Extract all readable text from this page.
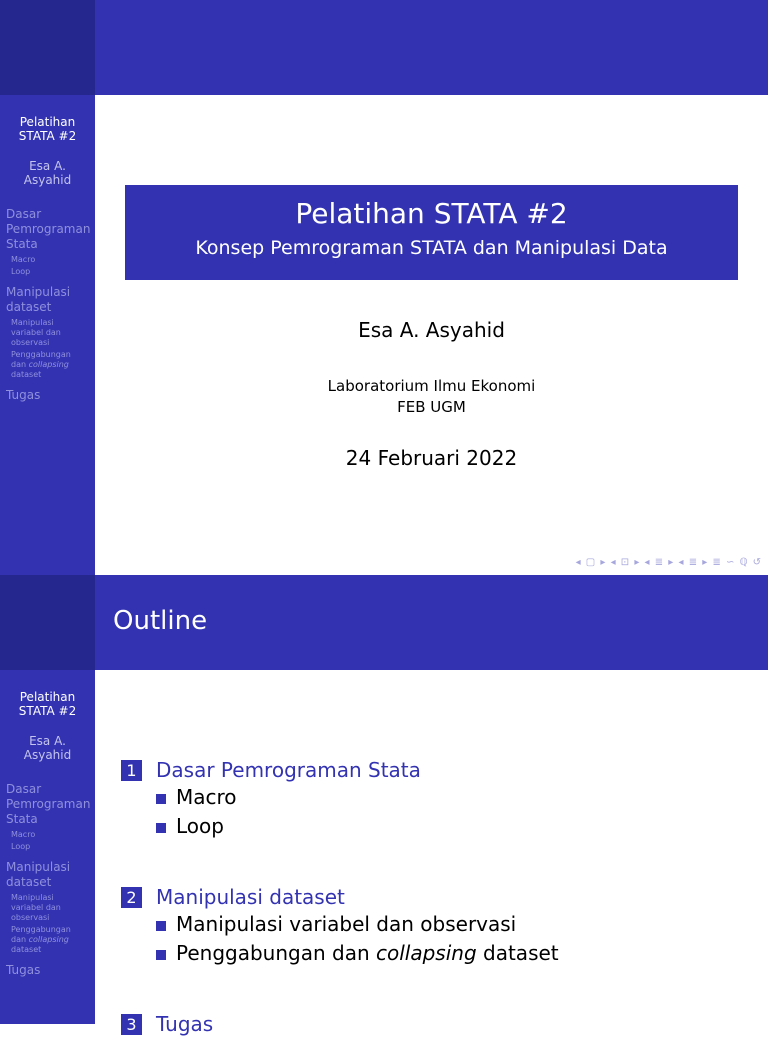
Pelatihan
STATA #2
Esa A.
Asyahid
Dasar
Pemrograman
Stata
Macro
Loop
Manipulasi
dataset
Manipulasi
variabel dan
observasi
Penggabungan
dan collapsing
dataset
Tugas
Pelatihan STATA #2
Konsep Pemrograman STATA dan Manipulasi Data
Esa A. Asyahid
Laboratorium Ilmu Ekonomi
FEB UGM
24 Februari 2022
◂ ▢ ▸ ◂ ⊡ ▸ ◂ ≣ ▸ ◂ ≣ ▸ ≣ ∽ ℚ ↺
Outline
Pelatihan
STATA #2
Esa A.
Asyahid
Dasar
Pemrograman
Stata
Macro
Loop
Manipulasi
dataset
Manipulasi
variabel dan
observasi
Penggabungan
dan collapsing
dataset
Tugas
1 Dasar Pemrograman Stata
Macro
Loop
2 Manipulasi dataset
Manipulasi variabel dan observasi
Penggabungan dan collapsing dataset
3 Tugas
